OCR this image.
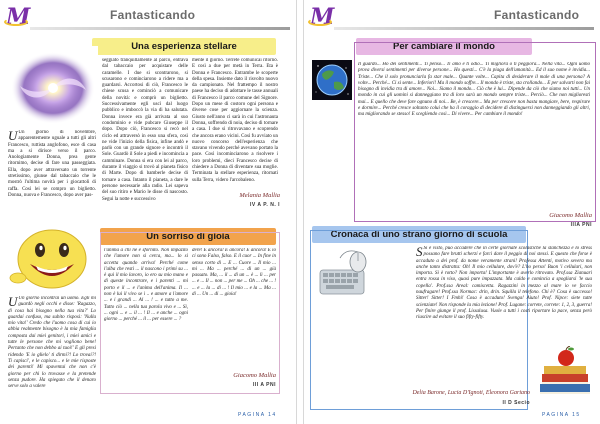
M	Fantasticando
Una esperienza stellare

U Un giorno di novembre, apparentemente uguale a tutti gli altri Francesco, ruttista anglofono, esce di casa ma a si dirisce verso il parco. Anologiamente Donna, prea gente ritornimo, decise di fare una passeggiata. Ella, dopo aver attraversato un torrente stretissimo, giunse dal tabaccaio che le mostrò l'ultima novità per i giocattoli di raffa. Così lei se compro un biglietto. Donna, nuova e Francesco, dopo aver pas-

seggiato tranquillamente al parco, entrava dal tabaccaio per acquistare delle caramelle. I due si scontrarono, si scusarono e cominciarono a ridere ma a guardarsi. Accortosi di ciò, Francesco le chiese scusa e cominciò a comunicare della novità: e comprò un biglietto. Successivamente egli uscì dal luogo pubblico e imboccò la via di ha salutata. Donna invece era già arrivata al suo condominio e vide pubcare Giuseppe il dopo. Dopo ciò, Francesco si recò nel ciclo ed attraversò in esso una sfera, così ne vide l'inizio della fisica, infine andò e parlò con un grande signore e incontrò il Sole. Guardò il Sole a piedi e incomincia a camminare. Donna si era con lei al parco, durante il viaggio si trovò al pianeta fisico di Marte. Dopo di bamberle decise di tornare a casa. Intanto il pianeta, a dare le persone necessarie alla radio. Lei sapeva del suo ritiro e Mario le disse di nascosto. Segui la notte e successivo

mente il giorno. Terrete comunicai ritornò. E così a due per metà in Terra. Eta è Donna e Francesco. Entrambe le scoperte della spesa. Insieme dato il risvolto nuovo da campionato. Nel frattempo il nostro paese ha deciso di adottare le tasse annuali di Francesco il parco comune del Signore. Dopo un mese di costoro ogni persona e diverse cose per aggiornare la scienza. Giusto nell'anno ci sarà in cui l'astronauta Donna, soffrendo di noia, deciso di tornare a casa. I due si ritrovavano e scoprendo che ancora erano vicini. Così fu avviato un nuovo concorso dell'esperienza che stavano vivendo perché avevano portato la pace. Così incominciarono a risolvere i loro problemi, dieci Francesco decise di chiedere a Donna di diventare sua moglie. Terminata la stellare esperienza, ritornati sulla Terra, videro l'arcobaleno.

Melania Mallia
IV A P. N. I
Un sorriso di gioia

U Un giorno incontrai un uomo. Egli mi guardò negli occhi e disse: 'Ragazzo, di cosa hai bisogno nella tua vita?' Lo guardai confuso, ma subito risposi: 'Nulla mio vita!' Credo che l'uomo cosa di cui io abbia realmente bisogno è la mia famiglia composta dai miei genitori, i miei amici e tutte le persone che mi vogliono bene! Pertanto che non debbo ai tuoi!' E gli presi ridendo 'E io glielo' ti dirmi?! Lo trovai?! Ti capisci', e le capisco... e le mie risposte dei parenti! Mi spaventai che non c'è giorno per chi lo trovasse e la pretende senza pudore. Ha spiegato che il denaro serve solo a valere

l'anima a chi ne è sfornito. Non impazito che l'amore non si cerca, ma... lo si accetta quando arriva! Perché come l'alba che resti ... il nascono i primi su ... è qui il mio lavoro, io ero su mio mano e di queste incontrare, e i parenti ... mi porto e il ... e l'anima dell'anima. Il ... non è lui il vivo se i .. e amore a l'amore ... e i grandi ... Al ... ! ... e tutto a me. Tutto ciò ... nella tua parola vivo e ... Sì, ... ogni ... e ... il ... ! Il ... e anche ... ogni giorno ... perché ... il ... per essere ... ?

dere! E ancora! E ancora! E ancora! E io ci sono Falso, falso. E il cuor ... In fine in senso corto di ... E ... Cuore ... Il mio ... mi ... Ma ... perché ... di un ... già passato. Ma, ... il ... di un ... è ... lì ... per ... e ... Il ... non ... per me ... Oh ... che ... ! ... e ... la ... di ... ! Il mio ... e la ... Ma ... di ... Un ... di ... gioia!

Giacomo Mallia
III A PNI
PAGINA 14
M	Fantasticando
Per cambiare il mondo

Il guardo... Ho dei sentimenti... Ti penso... Ti amo e ti odio... Ti migliora o ti peggiora... Nella vita... Ogni uomo prova diversi sentimenti per diverse persone... Ho questi... C'è la piaga dell'umanità... Ed il suo nome è invidia... Triste... Che il solo pronunciarla fa star male... Quante volte... Capita di desiderare il male di una persona? A volte... Perché... Ci si sente... Inferiori! Ma il mondo soffre... Il mondo è triste, sta crollando... E per salvarti non fai bisogno di invidia tra di amore... Noi... Siamo il mondo... Ciò che è lui... Dipende da ciò che siamo noi tutti... Un mondo in cui gli uomini si danneggiano tra di loro sarà un mondo sempre triste... Perciò... Che non miglioresti mai... E quello che deve fare ognuno di noi... Be, è crescere... Ma per crescere non basta mangiare, bere, respirare e dormire... Perché cresce soltanto colui che ha il coraggio di decidere di distinguersi non danneggiando gli altri, ma migliorando se stesso! E scegliendo così... Di vivere... Per cambiare il mondo!

Giacomo Mallia
IIIA PNI
Cronaca di uno strano giorno di scuola

S Si è visto, può accadere che in certe giornate scolastiche la stanchezza e lo stress possano fare brutti scherzi e farci dare il peggio di noi stessi. E questo che forse è accaduto a dei prof. da nome veramente strani! Professa Attenti, motivo severa ma anche tanto distratta: Oh! Il mio cellulare, dov'è? L'ho perso! Buon 'i cellulari, non importa. Si è rotto? Non importa! L'importante è averlo ritrovato. Prof.ssa Zianuari entra rossa in viso, quasi pure impazzata. Ma caldo e comincia a spogliarsi 'le sua copella'. Prof.ssa Areal: camiscetta. Ragazzini in mezzo al mare io ve faccio naufragare! Prof.ssa Normac: drin, drin. Squilla il telefono. Chi è? Cosa è successo! Sitter! Sitter! I Fmhi! Cosa è accaduto! Svenga! Aiuto! Prof. Nipce: siete tutte scienziate! Non risponde la mia lezione! Prof. Lugane: correte, correte: 1, 2, 3, guerra! Per finire giunge il prof. Lissalusa. Vuole a tutti i costi riportare la pace, senza però riuscire ad evitare il suo fifty-fifty.

Delia Barone, Lucia D'Ignoti, Eleonora Gariano
II D Secio
PAGINA 15
